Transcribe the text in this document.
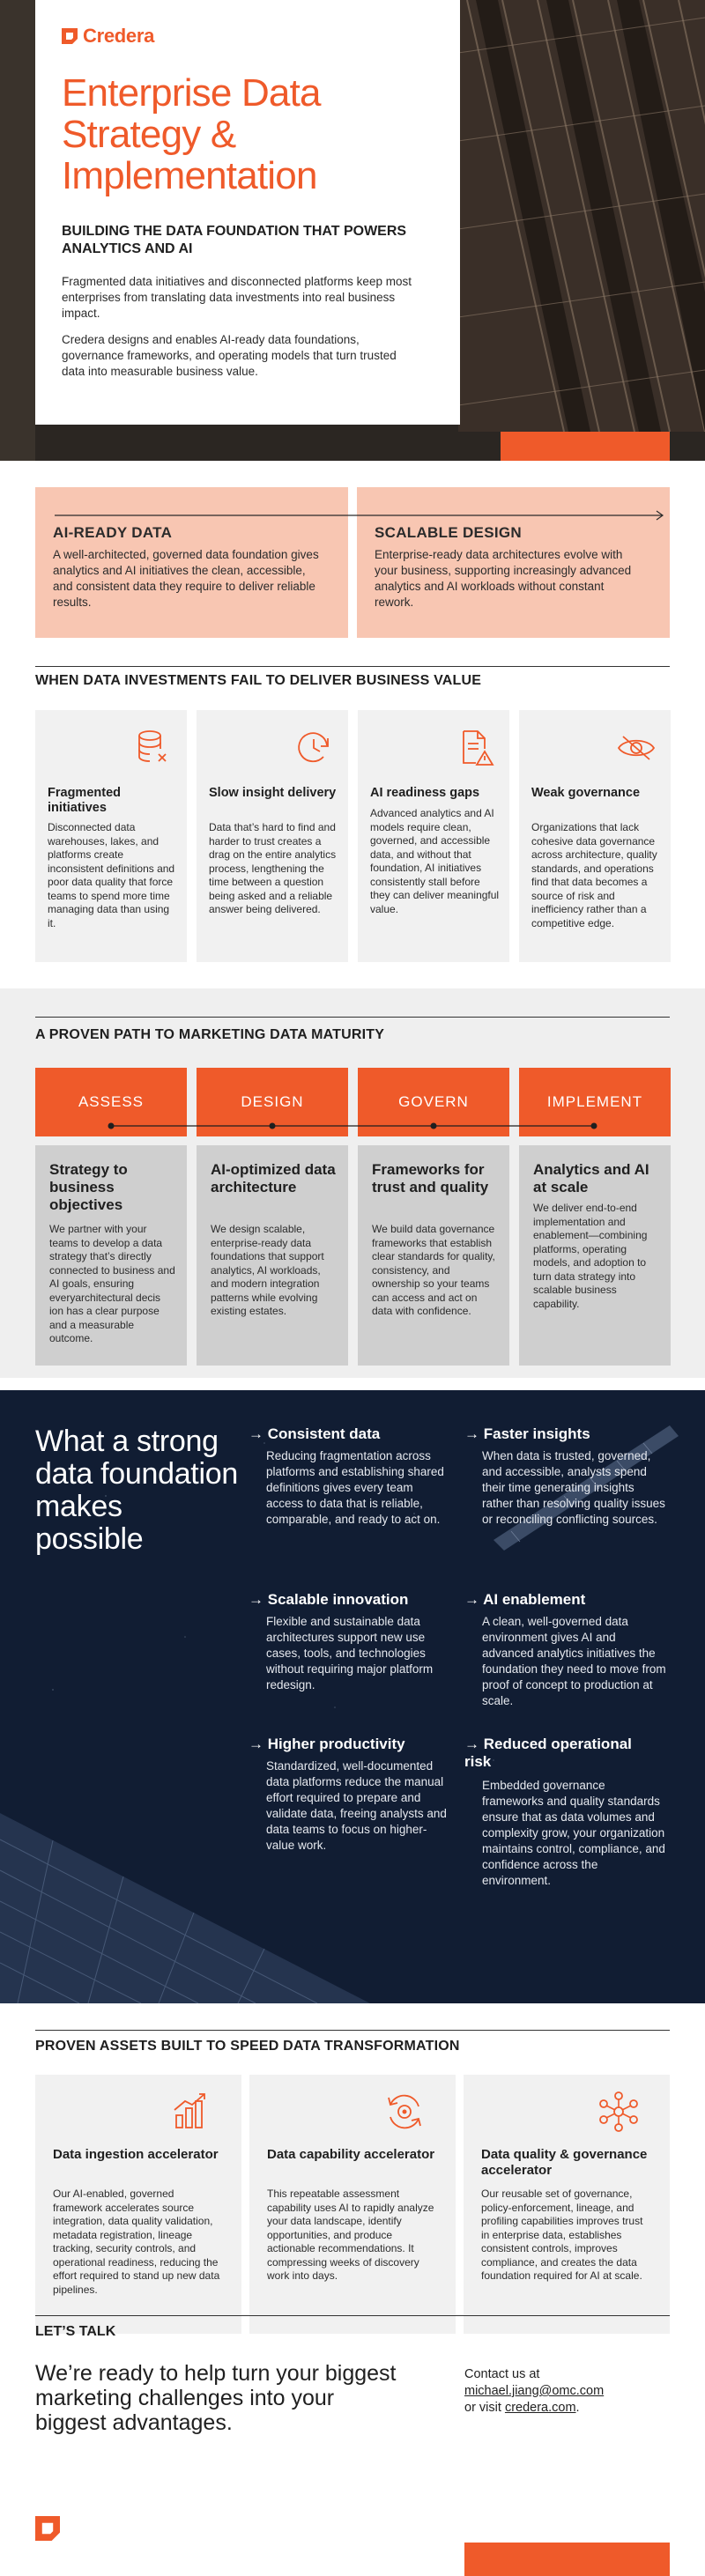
Credera
Enterprise Data Strategy & Implementation
BUILDING THE DATA FOUNDATION THAT POWERS ANALYTICS AND AI

Fragmented data initiatives and disconnected platforms keep most enterprises from translating data investments into real business impact.

Credera designs and enables AI-ready data foundations, governance frameworks, and operating models that turn trusted data into measurable business value.

AI-READY DATA
A well-architected, governed data foundation gives analytics and AI initiatives the clean, accessible, and consistent data they require to deliver reliable results.
SCALABLE DESIGN
Enterprise-ready data architectures evolve with your business, supporting increasingly advanced analytics and AI workloads without constant rework.
WHEN DATA INVESTMENTS FAIL TO DELIVER BUSINESS VALUE
Fragmented initiatives
Disconnected data warehouses, lakes, and platforms create inconsistent definitions and poor data quality that force teams to spend more time managing data than using it.
Slow insight delivery
Data that’s hard to find and harder to trust creates a drag on the entire analytics process, lengthening the time between a question being asked and a reliable answer being delivered.
AI readiness gaps
Advanced analytics and AI models require clean, governed, and accessible data, and without that foundation, AI initiatives consistently stall before they can deliver meaningful value.
Weak governance
Organizations that lack cohesive data governance across architecture, quality standards, and operations find that data becomes a source of risk and inefficiency rather than a competitive edge.
A PROVEN PATH TO MARKETING DATA MATURITY
ASSESS	DESIGN	GOVERN	IMPLEMENT
Strategy to business objectives
We partner with your teams to develop a data strategy that’s directly connected to business and AI goals, ensuring everyarchitectural decis ion has a clear purpose and a measurable outcome.
AI-optimized data architecture
We design scalable, enterprise-ready data foundations that support analytics, AI workloads, and modern integration patterns while evolving existing estates.
Frameworks for trust and quality
We build data governance frameworks that establish clear standards for quality, consistency, and ownership so your teams can access and act on data with confidence.
Analytics and AI at scale
We deliver end-to-end implementation and enablement—combining platforms, operating models, and adoption to turn data strategy into scalable business capability.
What a strong data foundation makes possible
→ Consistent data
Reducing fragmentation across platforms and establishing shared definitions gives every team access to data that is reliable, comparable, and ready to act on.
→ Faster insights
When data is trusted, governed, and accessible, analysts spend their time generating insights rather than resolving quality issues or reconciling conflicting sources.
→ Scalable innovation
Flexible and sustainable data architectures support new use cases, tools, and technologies without requiring major platform redesign.
→ AI enablement
A clean, well-governed data environment gives AI and advanced analytics initiatives the foundation they need to move from proof of concept to production at scale.
→ Higher productivity
Standardized, well-documented data platforms reduce the manual effort required to prepare and validate data, freeing analysts and data teams to focus on higher-value work.
→ Reduced operational risk
Embedded governance frameworks and quality standards ensure that as data volumes and complexity grow, your organization maintains control, compliance, and confidence across the environment.
PROVEN ASSETS BUILT TO SPEED DATA TRANSFORMATION
Data ingestion accelerator
Our AI-enabled, governed framework accelerates source integration, data quality validation, metadata registration, lineage tracking, security controls, and operational readiness, reducing the effort required to stand up new data pipelines.
Data capability accelerator
This repeatable assessment capability uses AI to rapidly analyze your data landscape, identify opportunities, and produce actionable recommendations. It compressing weeks of discovery work into days.
Data quality & governance accelerator
Our reusable set of governance, policy-enforcement, lineage, and profiling capabilities improves trust in enterprise data, establishes consistent controls, improves compliance, and creates the data foundation required for AI at scale.
LET’S TALK
We’re ready to help turn your biggest marketing challenges into your biggest advantages.
Contact us at
michael.jiang@omc.com
or visit credera.com.
